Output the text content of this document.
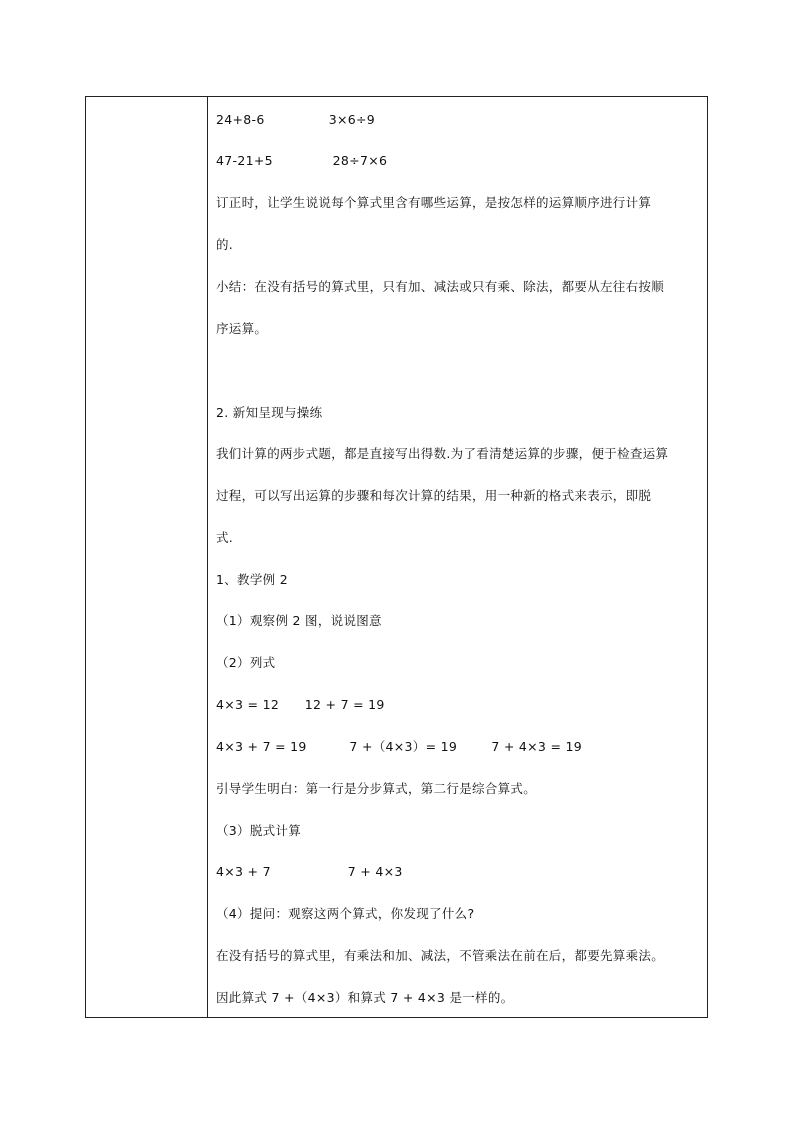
24+8-6               3×6÷9
47-21+5              28÷7×6
订正时，让学生说说每个算式里含有哪些运算，是按怎样的运算顺序进行计算
的.
小结：在没有括号的算式里，只有加、减法或只有乘、除法，都要从左往右按顺
序运算。
2. 新知呈现与操练
我们计算的两步式题，都是直接写出得数.为了看清楚运算的步骤，便于检查运算
过程，可以写出运算的步骤和每次计算的结果，用一种新的格式来表示，即脱
式.
1、教学例 2
（1）观察例 2 图，说说图意
（2）列式
4×3 = 12      12 + 7 = 19
4×3 + 7 = 19          7 +（4×3）= 19        7 + 4×3 = 19
引导学生明白：第一行是分步算式，第二行是综合算式。
（3）脱式计算
4×3 + 7                  7 + 4×3
（4）提问：观察这两个算式，你发现了什么?
在没有括号的算式里，有乘法和加、减法，不管乘法在前在后，都要先算乘法。
因此算式 7 +（4×3）和算式 7 + 4×3 是一样的。
